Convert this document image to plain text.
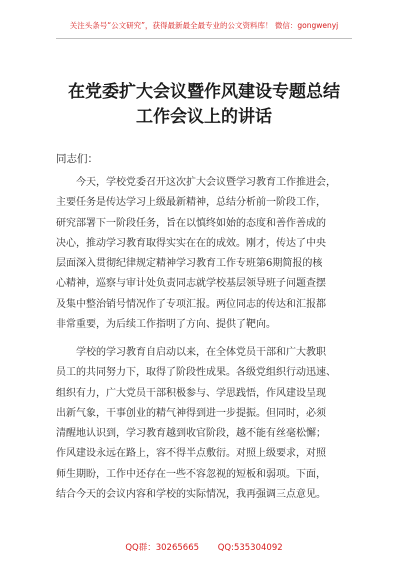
关注头条号“公文研究”，获得最新最全最专业的公文资料库！ 微信：gongwenyj
在党委扩大会议暨作风建设专题总结
工作会议上的讲话
同志们：
今天，学校党委召开这次扩大会议暨学习教育工作推进会，
主要任务是传达学习上级最新精神，总结分析前一阶段工作，
研究部署下一阶段任务，旨在以慎终如始的态度和善作善成的
决心，推动学习教育取得实实在在的成效。刚才，传达了中央
层面深入贯彻纪律规定精神学习教育工作专班第6期简报的核
心精神，巡察与审计处负责同志就学校基层领导班子问题查摆
及集中整治销号情况作了专项汇报。两位同志的传达和汇报都
非常重要，为后续工作指明了方向、提供了靶向。
学校的学习教育自启动以来，在全体党员干部和广大教职
员工的共同努力下，取得了阶段性成果。各级党组织行动迅速、
组织有力，广大党员干部积极参与、学思践悟，作风建设呈现
出新气象，干事创业的精气神得到进一步提振。但同时，必须
清醒地认识到，学习教育越到收官阶段，越不能有丝毫松懈；
作风建设永远在路上，容不得半点敷衍。对照上级要求，对照
师生期盼，工作中还存在一些不容忽视的短板和弱项。下面，
结合今天的会议内容和学校的实际情况，我再强调三点意见。
QQ群：30265665 QQ:535304092
